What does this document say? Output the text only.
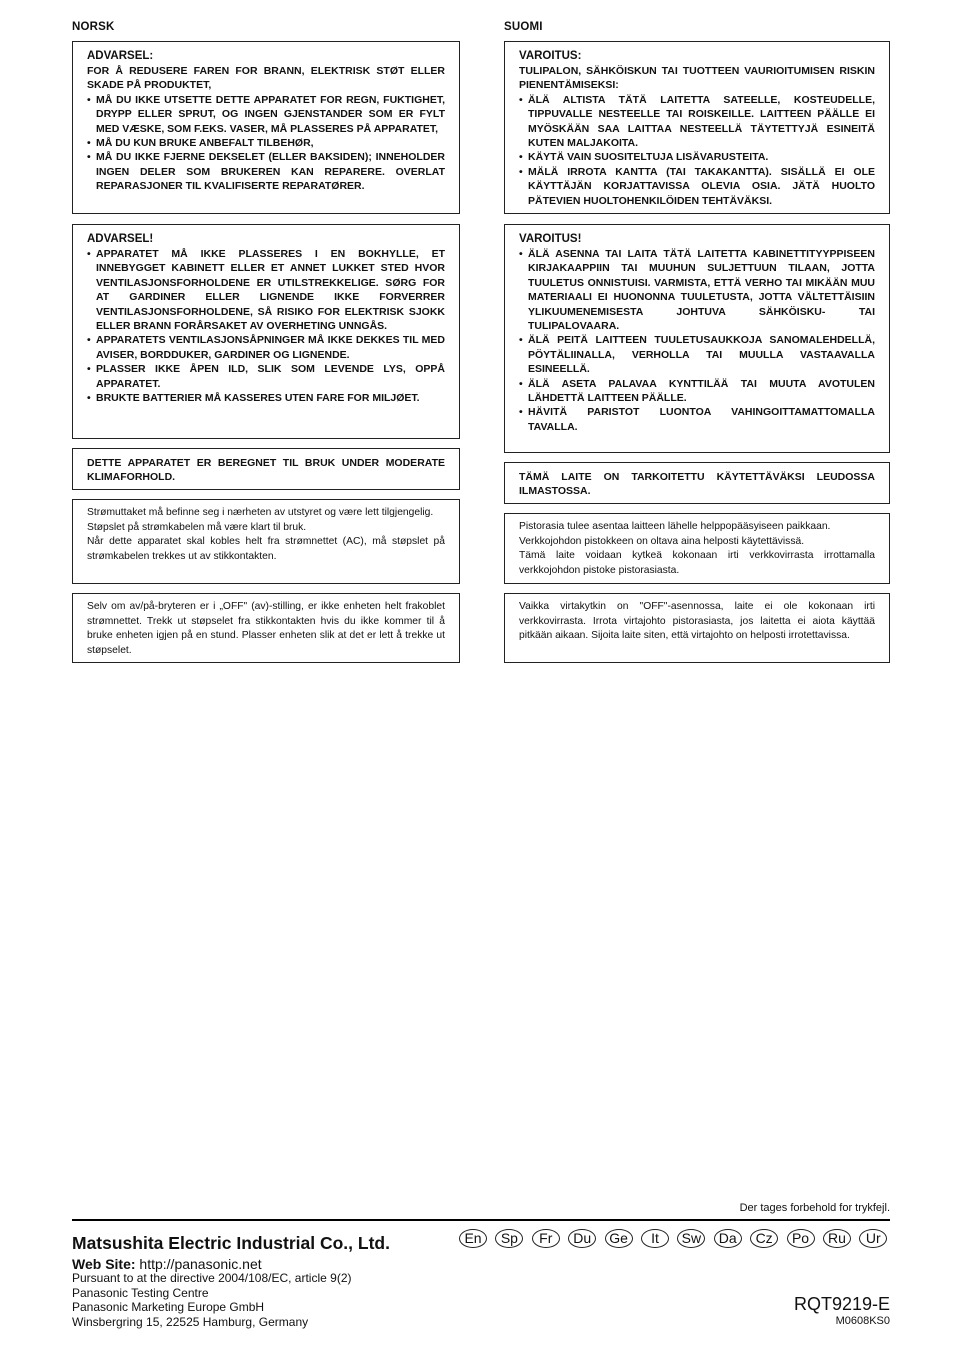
NORSK
ADVARSEL:

FOR Å REDUSERE FAREN FOR BRANN, ELEKTRISK STØT ELLER SKADE PÅ PRODUKTET,

• MÅ DU IKKE UTSETTE DETTE APPARATET FOR REGN, FUKTIGHET, DRYPP ELLER SPRUT, OG INGEN GJENSTANDER SOM ER FYLT MED VÆSKE, SOM F.EKS. VASER, MÅ PLASSERES PÅ APPARATET,
• MÅ DU KUN BRUKE ANBEFALT TILBEHØR,
• MÅ DU IKKE FJERNE DEKSELET (ELLER BAKSIDEN); INNEHOLDER INGEN DELER SOM BRUKEREN KAN REPARERE. OVERLAT REPARASJONER TIL KVALIFISERTE REPARATØRER.
ADVARSEL!
• APPARATET MÅ IKKE PLASSERES I EN BOKHYLLE, ET INNEBYGGET KABINETT ELLER ET ANNET LUKKET STED HVOR VENTILASJONSFORHOLDENE ER UTILSTREKKELIGE. SØRG FOR AT GARDINER ELLER LIGNENDE IKKE FORVERRER VENTILASJONSFORHOLDENE, SÅ RISIKO FOR ELEKTRISK SJOKK ELLER BRANN FORÅRSAKET AV OVERHETING UNNGÅS.
• APPARATETS VENTILASJONSÅPNINGER MÅ IKKE DEKKES TIL MED AVISER, BORDDUKER, GARDINER OG LIGNENDE.
• PLASSER IKKE ÅPEN ILD, SLIK SOM LEVENDE LYS, OPPÅ APPARATET.
• BRUKTE BATTERIER MÅ KASSERES UTEN FARE FOR MILJØET.

DETTE APPARATET ER BEREGNET TIL BRUK UNDER MODERATE KLIMAFORHOLD.

Strømuttaket må befinne seg i nærheten av utstyret og være lett tilgjengelig.

Støpslet på strømkabelen må være klart til bruk.

Når dette apparatet skal kobles helt fra strømnettet (AC), må støpslet på strømkabelen trekkes ut av stikkontakten.

Selv om av/på-bryteren er i „OFF" (av)-stilling, er ikke enheten helt frakoblet strømnettet. Trekk ut støpselet fra stikkontakten hvis du ikke kommer til å bruke enheten igjen på en stund. Plasser enheten slik at det er lett å trekke ut støpselet.

SUOMI
VAROITUS:

TULIPALON, SÄHKÖISKUN TAI TUOTTEEN VAURIOITUMISEN RISKIN PIENENTÄMISEKSI:

• ÄLÄ ALTISTA TÄTÄ LAITETTA SATEELLE, KOSTEUDELLE, TIPPUVALLE NESTEELLE TAI ROISKEILLE. LAITTEEN PÄÄLLE EI MYÖSKÄÄN SAA LAITTAA NESTEELLÄ TÄYTETTYJÄ ESINEITÄ KUTEN MALJAKOITA.
• KÄYTÄ VAIN SUOSITELTUJA LISÄVARUSTEITA.
• MÄLÄ IRROTA KANTTA (TAI TAKAKANTTA). SISÄLLÄ EI OLE KÄYTTÄJÄN KORJATTAVISSA OLEVIA OSIA. JÄTÄ HUOLTO PÄTEVIEN HUOLTOHENKILÖIDEN TEHTÄVÄKSI.
VAROITUS!
• ÄLÄ ASENNA TAI LAITA TÄTÄ LAITETTA KABINETTITYYPPISEEN KIRJAKAAPPIIN TAI MUUHUN SULJETTUUN TILAAN, JOTTA TUULETUS ONNISTUISI. VARMISTA, ETTÄ VERHO TAI MIKÄÄN MUU MATERIAALI EI HUONONNA TUULETUSTA, JOTTA VÄLTETTÄISIIN YLIKUUMENEMISESTA JOHTUVA SÄHKÖISKU- TAI TULIPALOVAARA.
• ÄLÄ PEITÄ LAITTEEN TUULETUSAUKKOJA SANOMALEHDELLÄ, PÖYTÄLIINALLA, VERHOLLA TAI MUULLA VASTAAVALLA ESINEELLÄ.
• ÄLÄ ASETA PALAVAA KYNTTILÄÄ TAI MUUTA AVOTULEN LÄHDETTÄ LAITTEEN PÄÄLLE.
• HÄVITÄ PARISTOT LUONTOA VAHINGOITTAMATTOMALLA TAVALLA.

TÄMÄ LAITE ON TARKOITETTU KÄYTETTÄVÄKSI LEUDOSSA ILMASTOSSA.

Pistorasia tulee asentaa laitteen lähelle helppopääsyiseen paikkaan.

Verkkojohdon pistokkeen on oltava aina helposti käytettävissä.

Tämä laite voidaan kytkeä kokonaan irti verkkovirrasta irrottamalla verkkojohdon pistoke pistorasiasta.

Vaikka virtakytkin on "OFF"-asennossa, laite ei ole kokonaan irti verkkovirrasta. Irrota virtajohto pistorasiasta, jos laitetta ei aiota käyttää pitkään aikaan. Sijoita laite siten, että virtajohto on helposti irrotettavissa.

Der tages forbehold for trykfejl.
Matsushita Electric Industrial Co., Ltd.
Web Site: http://panasonic.net
Pursuant to at the directive 2004/108/EC, article 9(2)
Panasonic Testing Centre
Panasonic Marketing Europe GmbH
Winsbergring 15, 22525 Hamburg, Germany
En	Sp	Fr	Du	Ge	It	Sw	Da	Cz	Po	Ru	Ur
RQT9219-E
M0608KS0
